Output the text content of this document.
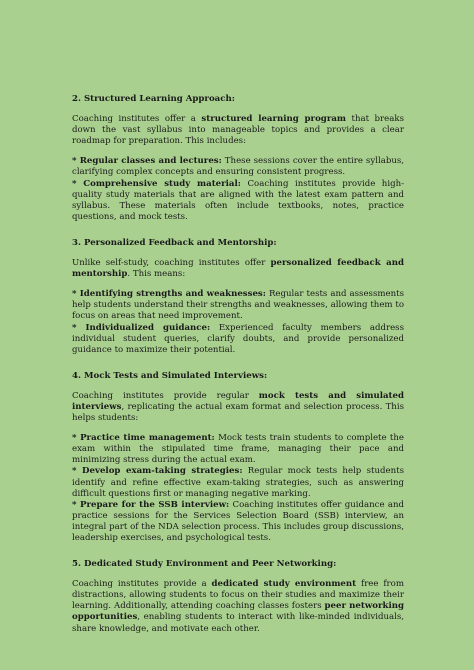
2. Structured Learning Approach:
Coaching institutes offer a structured learning program that breaks down the vast syllabus into manageable topics and provides a clear roadmap for preparation. This includes:
* Regular classes and lectures: These sessions cover the entire syllabus, clarifying complex concepts and ensuring consistent progress.
* Comprehensive study material: Coaching institutes provide high-quality study materials that are aligned with the latest exam pattern and syllabus. These materials often include textbooks, notes, practice questions, and mock tests.
3. Personalized Feedback and Mentorship:
Unlike self-study, coaching institutes offer personalized feedback and mentorship. This means:
* Identifying strengths and weaknesses: Regular tests and assessments help students understand their strengths and weaknesses, allowing them to focus on areas that need improvement.
* Individualized guidance: Experienced faculty members address individual student queries, clarify doubts, and provide personalized guidance to maximize their potential.
4. Mock Tests and Simulated Interviews:
Coaching institutes provide regular mock tests and simulated interviews, replicating the actual exam format and selection process. This helps students:
* Practice time management: Mock tests train students to complete the exam within the stipulated time frame, managing their pace and minimizing stress during the actual exam.
* Develop exam-taking strategies: Regular mock tests help students identify and refine effective exam-taking strategies, such as answering difficult questions first or managing negative marking.
* Prepare for the SSB interview: Coaching institutes offer guidance and practice sessions for the Services Selection Board (SSB) interview, an integral part of the NDA selection process. This includes group discussions, leadership exercises, and psychological tests.
5. Dedicated Study Environment and Peer Networking:
Coaching institutes provide a dedicated study environment free from distractions, allowing students to focus on their studies and maximize their learning. Additionally, attending coaching classes fosters peer networking opportunities, enabling students to interact with like-minded individuals, share knowledge, and motivate each other.
